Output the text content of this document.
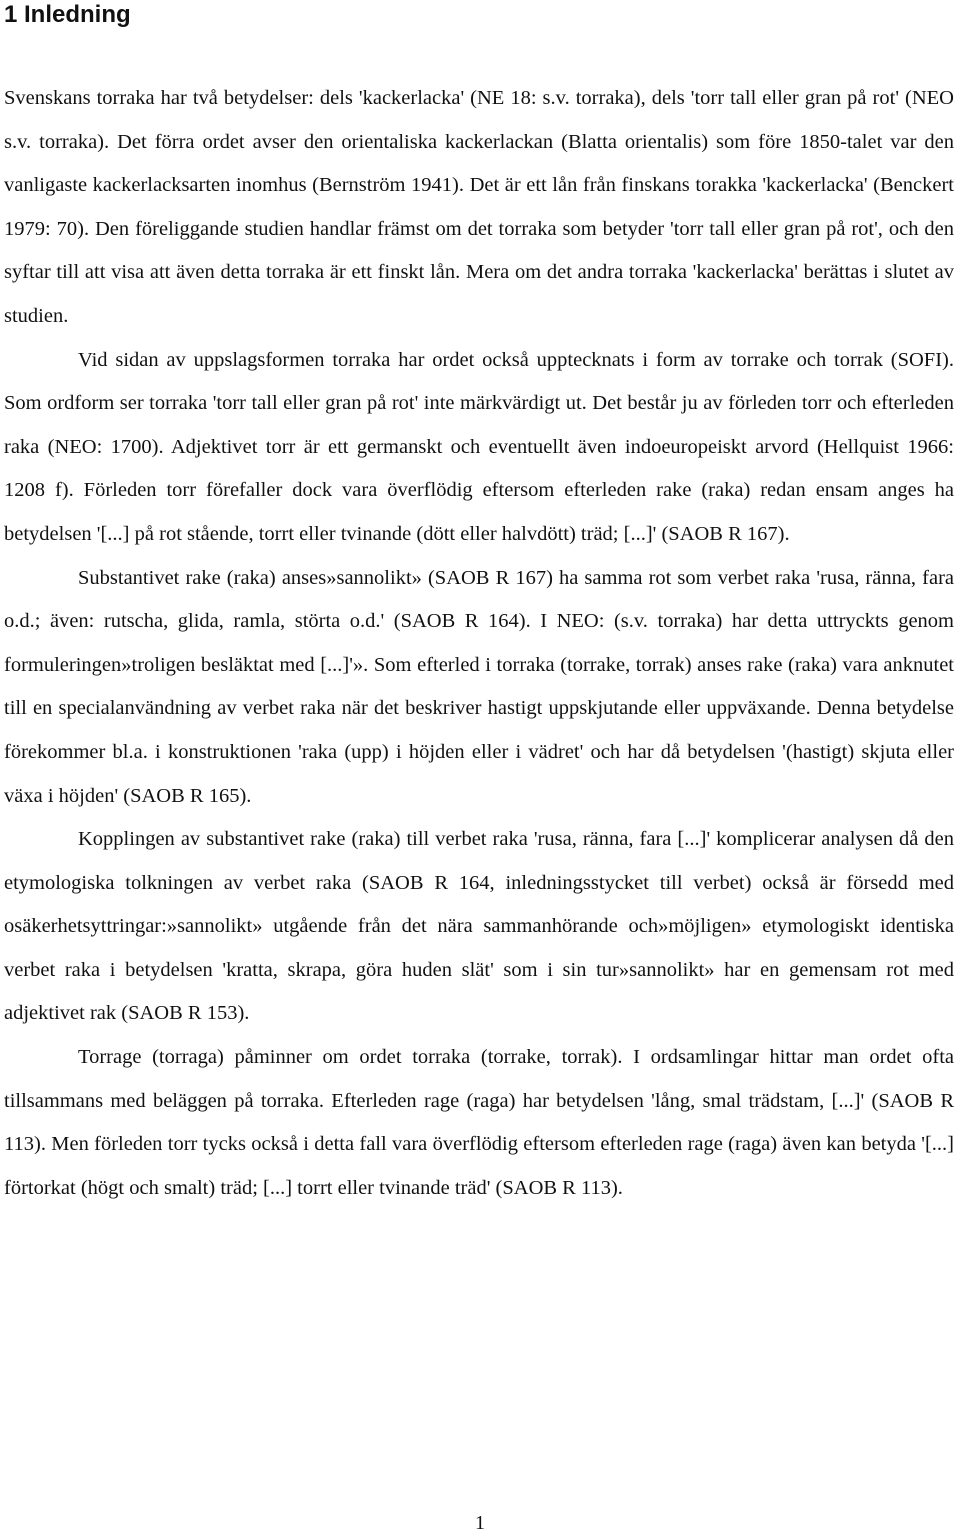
1 Inledning

Svenskans torraka har två betydelser: dels 'kackerlacka' (NE 18: s.v. torraka), dels 'torr tall eller gran på rot' (NEO s.v. torraka). Det förra ordet avser den orientaliska kackerlackan (Blatta orientalis) som före 1850-talet var den vanligaste kackerlacksarten inomhus (Bernström 1941). Det är ett lån från finskans torakka 'kackerlacka' (Benckert 1979: 70). Den föreliggande studien handlar främst om det torraka som betyder 'torr tall eller gran på rot', och den syftar till att visa att även detta torraka är ett finskt lån. Mera om det andra torraka 'kackerlacka' berättas i slutet av studien.

Vid sidan av uppslagsformen torraka har ordet också upptecknats i form av torrake och torrak (SOFI). Som ordform ser torraka 'torr tall eller gran på rot' inte märkvärdigt ut. Det består ju av förleden torr och efterleden raka (NEO: 1700). Adjektivet torr är ett germanskt och eventuellt även indoeuropeiskt arvord (Hellquist 1966: 1208 f). Förleden torr förefaller dock vara överflödig eftersom efterleden rake (raka) redan ensam anges ha betydelsen '[...] på rot stående, torrt eller tvinande (dött eller halvdött) träd; [...]' (SAOB R 167).

Substantivet rake (raka) anses»sannolikt» (SAOB R 167) ha samma rot som verbet raka 'rusa, ränna, fara o.d.; även: rutscha, glida, ramla, störta o.d.' (SAOB R 164). I NEO: (s.v. torraka) har detta uttryckts genom formuleringen»troligen besläktat med [...]'». Som efterled i torraka (torrake, torrak) anses rake (raka) vara anknutet till en specialanvändning av verbet raka när det beskriver hastigt uppskjutande eller uppväxande. Denna betydelse förekommer bl.a. i konstruktionen 'raka (upp) i höjden eller i vädret' och har då betydelsen '(hastigt) skjuta eller växa i höjden' (SAOB R 165).

Kopplingen av substantivet rake (raka) till verbet raka 'rusa, ränna, fara [...]' komplicerar analysen då den etymologiska tolkningen av verbet raka (SAOB R 164, inledningsstycket till verbet) också är försedd med osäkerhetsyttringar:»sannolikt» utgående från det nära sammanhörande och»möjligen» etymologiskt identiska verbet raka i betydelsen 'kratta, skrapa, göra huden slät' som i sin tur»sannolikt» har en gemensam rot med adjektivet rak (SAOB R 153).

Torrage (torraga) påminner om ordet torraka (torrake, torrak). I ordsamlingar hittar man ordet ofta tillsammans med beläggen på torraka. Efterleden rage (raga) har betydelsen 'lång, smal trädstam, [...]' (SAOB R 113). Men förleden torr tycks också i detta fall vara överflödig eftersom efterleden rage (raga) även kan betyda '[...] förtorkat (högt och smalt) träd; [...] torrt eller tvinande träd' (SAOB R 113).

1
